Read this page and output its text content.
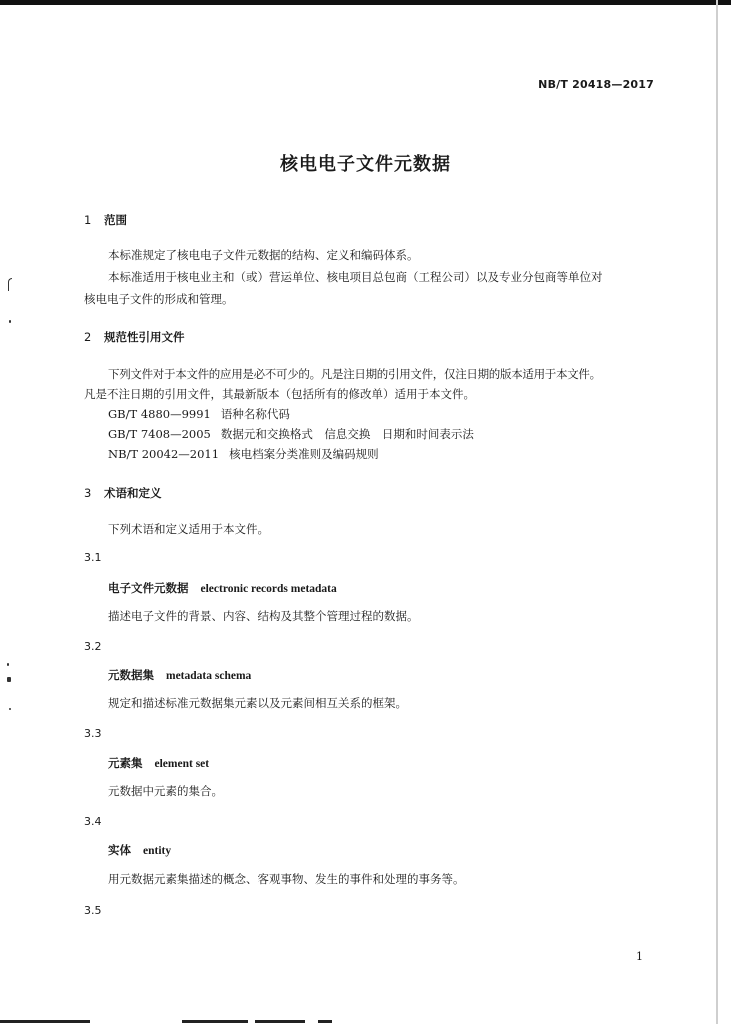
NB/T 20418—2017
核电电子文件元数据
1 范围
本标准规定了核电电子文件元数据的结构、定义和编码体系。
本标准适用于核电业主和（或）营运单位、核电项目总包商（工程公司）以及专业分包商等单位对
核电电子文件的形成和管理。
2 规范性引用文件
下列文件对于本文件的应用是必不可少的。凡是注日期的引用文件，仅注日期的版本适用于本文件。
凡是不注日期的引用文件，其最新版本（包括所有的修改单）适用于本文件。
GB/T 4880—9991 语种名称代码
GB/T 7408—2005 数据元和交换格式　信息交换　日期和时间表示法
NB/T 20042—2011 核电档案分类准则及编码规则
3 术语和定义
下列术语和定义适用于本文件。
3.1
电子文件元数据 electronic records metadata
描述电子文件的背景、内容、结构及其整个管理过程的数据。
3.2
元数据集 metadata schema
规定和描述标准元数据集元素以及元素间相互关系的框架。
3.3
元素集 element set
元数据中元素的集合。
3.4
实体 entity
用元数据元素集描述的概念、客观事物、发生的事件和处理的事务等。
3.5
1
